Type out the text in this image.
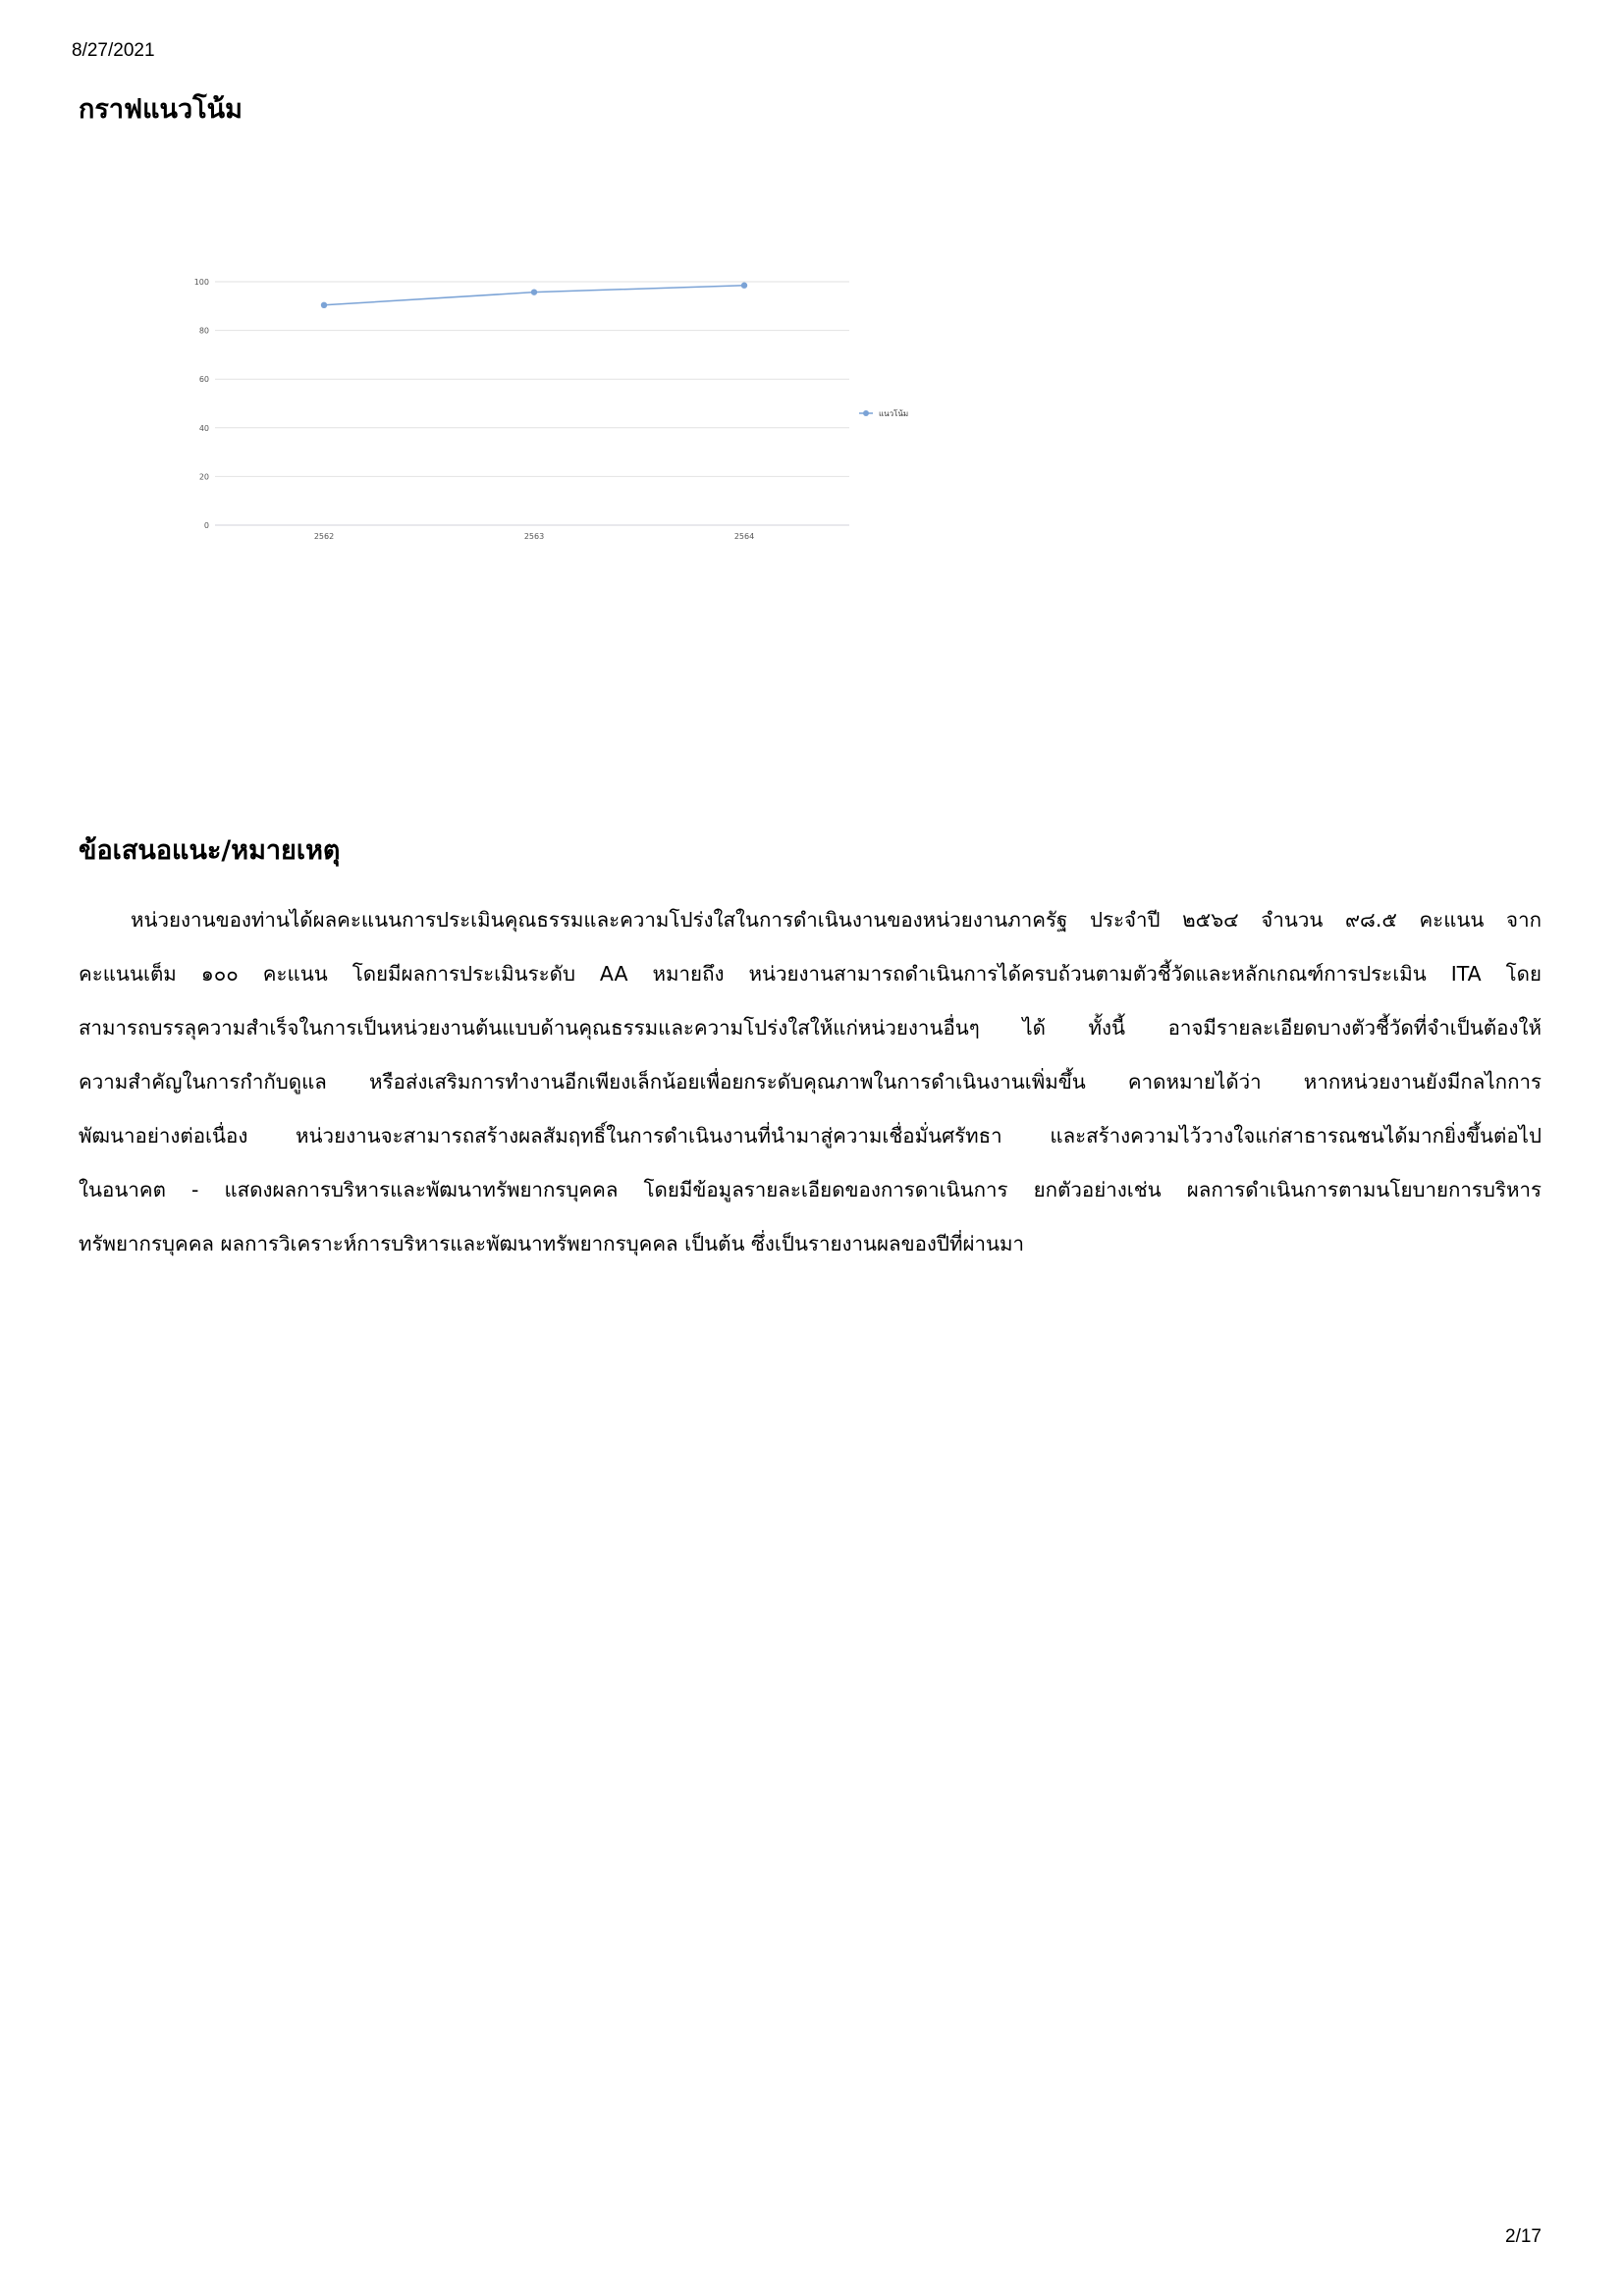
8/27/2021
กราฟแนวโน้ม
0
20
40
60
80
100
2562	2563	2564
แนวโน้ม
ข้อเสนอแนะ/หมายเหตุ
หน่วยงานของท่านได้ผลคะแนนการประเมินคุณธรรมและความโปร่งใสในการดำเนินงานของหน่วยงานภาครัฐ ประจำปี ๒๕๖๔ จำนวน ๙๘.๕ คะแนน จาก
คะแนนเต็ม ๑๐๐ คะแนน โดยมีผลการประเมินระดับ AA หมายถึง หน่วยงานสามารถดำเนินการได้ครบถ้วนตามตัวชี้วัดและหลักเกณฑ์การประเมิน ITA โดย
สามารถบรรลุความสำเร็จในการเป็นหน่วยงานต้นแบบด้านคุณธรรมและความโปร่งใสให้แก่หน่วยงานอื่นๆ ได้ ทั้งนี้ อาจมีรายละเอียดบางตัวชี้วัดที่จำเป็นต้องให้
ความสำคัญในการกำกับดูแล หรือส่งเสริมการทำงานอีกเพียงเล็กน้อยเพื่อยกระดับคุณภาพในการดำเนินงานเพิ่มขึ้น คาดหมายได้ว่า หากหน่วยงานยังมีกลไกการ
พัฒนาอย่างต่อเนื่อง หน่วยงานจะสามารถสร้างผลสัมฤทธิ์ในการดำเนินงานที่นำมาสู่ความเชื่อมั่นศรัทธา และสร้างความไว้วางใจแก่สาธารณชนได้มากยิ่งขึ้นต่อไป
ในอนาคต - แสดงผลการบริหารและพัฒนาทรัพยากรบุคคล โดยมีข้อมูลรายละเอียดของการดาเนินการ ยกตัวอย่างเช่น ผลการดำเนินการตามนโยบายการบริหาร
ทรัพยากรบุคคล ผลการวิเคราะห์การบริหารและพัฒนาทรัพยากรบุคคล เป็นต้น ซึ่งเป็นรายงานผลของปีที่ผ่านมา
2/17
